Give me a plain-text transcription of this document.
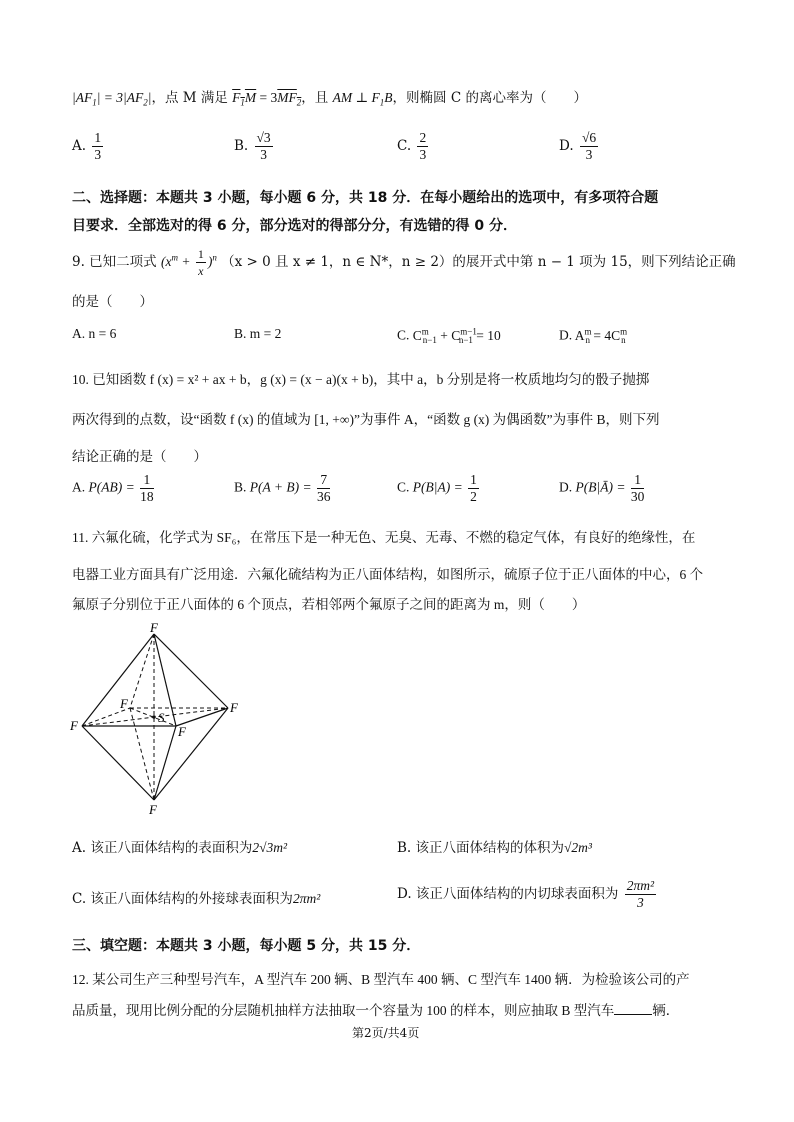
$|AF_1| = 3|AF_2|$，点 M 满足 $F_1M = 3MF_2$，且 AM ⊥ $F_1B$，则椭圆 C 的离心率为（　　）
A. $\frac{1}{3}$	B. $\frac{√3}{3}$	C. $\frac{2}{3}$	D. $\frac{√6}{3}$
二、选择题：本题共 3 小题，每小题 6 分，共 18 分．在每小题给出的选项中，有多项符合题
目要求．全部选对的得 6 分，部分选对的得部分分，有选错的得 0 分．
9. 已知二项式 $(x^m + \frac{1}{x} )^n$ （x > 0 且 x ≠ 1，n ∈ N*，n ≥ 2）的展开式中第 n − 1 项为 15，则下列结论正确
的是（　　）
A. n = 6	B. m = 2	C. $C^m_{n-1} + C^{m-1}_{n-1} = 10$	D. $A^m_n = 4C^m_n$
10. 已知函数 f (x) = x² + ax + b，g (x) = (x − a)(x + b)，其中 a，b 分别是将一枚质地均匀的骰子抛掷
两次得到的点数，设“函数 f (x) 的值域为 [1, +∞)”为事件 A，“函数 g (x) 为偶函数”为事件 B，则下列
结论正确的是（　　）
A. $P(AB) = \frac{1}{18}$	B. $P(A + B) = \frac{7}{36}$	C. $P(B|A) = \frac{1}{2}$	D. P(B|Ā) = $\frac{1}{30}$
11. 六氟化硫，化学式为 SF₆，在常压下是一种无色、无臭、无毒、不燃的稳定气体，有良好的绝缘性，在
电器工业方面具有广泛用途．六氟化硫结构为正八面体结构，如图所示，硫原子位于正八面体的中心，6 个
氟原子分别位于正八面体的 6 个顶点，若相邻两个氟原子之间的距离为 m，则（　　）
F
F
F
F
F
F
S
A. 该正八面体结构的表面积为2√3m²	B. 该正八面体结构的体积为√2m³
C. 该正八面体结构的外接球表面积为2πm²	D. 该正八面体结构的内切球表面积为 $\frac{\text{2πm²}}{3}$
三、填空题：本题共 3 小题，每小题 5 分，共 15 分．
12. 某公司生产三种型号汽车，A 型汽车 200 辆、B 型汽车 400 辆、C 型汽车 1400 辆．为检验该公司的产
品质量，现用比例分配的分层随机抽样方法抽取一个容量为 100 的样本，则应抽取 B 型汽车	辆．
第2页/共4页
